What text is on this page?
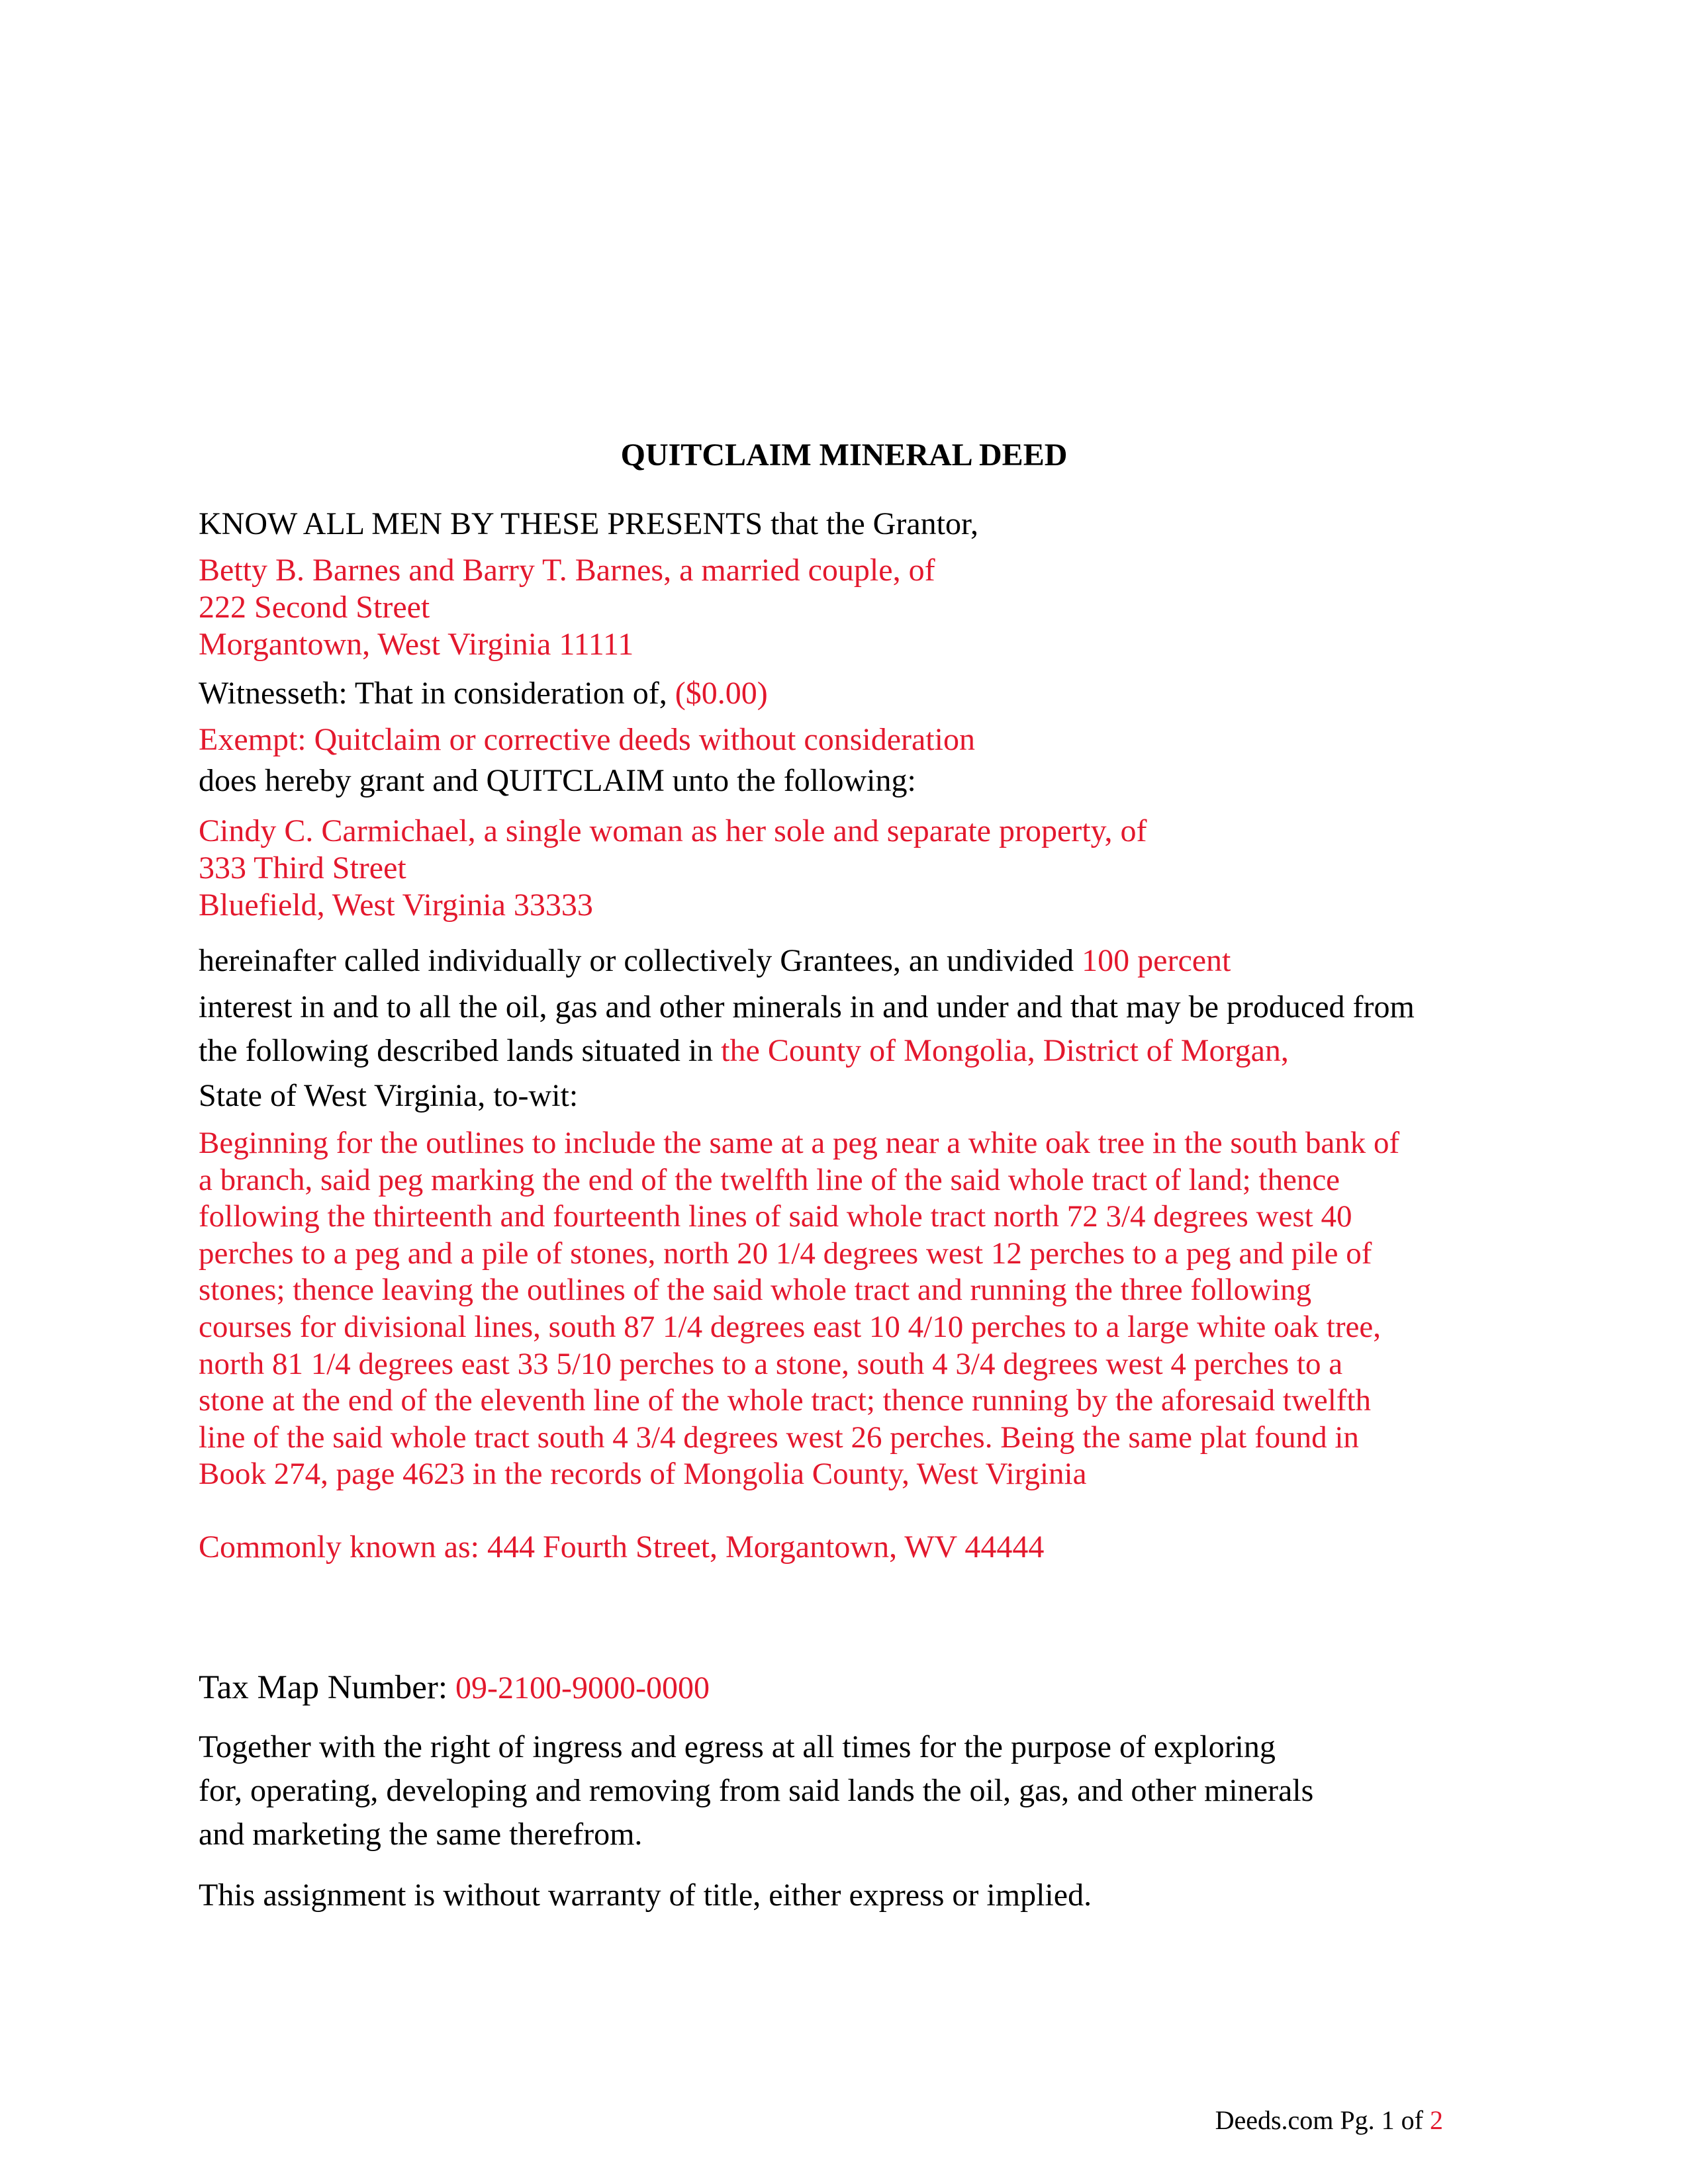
QUITCLAIM MINERAL DEED
KNOW ALL MEN BY THESE PRESENTS that the Grantor,
Betty B. Barnes and Barry T. Barnes, a married couple, of
222 Second Street
Morgantown, West Virginia 11111
Witnesseth: That in consideration of, ($0.00)
Exempt: Quitclaim or corrective deeds without consideration
does hereby grant and QUITCLAIM unto the following:
Cindy C. Carmichael, a single woman as her sole and separate property, of
333 Third Street
Bluefield, West Virginia 33333
hereinafter called individually or collectively Grantees, an undivided 100 percent
interest in and to all the oil, gas and other minerals in and under and that may be produced from
the following described lands situated in the County of Mongolia, District of Morgan,
State of West Virginia, to-wit:
Beginning for the outlines to include the same at a peg near a white oak tree in the south bank of
a branch, said peg marking the end of the twelfth line of the said whole tract of land; thence
following the thirteenth and fourteenth lines of said whole tract north 72 3/4 degrees west 40
perches to a peg and a pile of stones, north 20 1/4 degrees west 12 perches to a peg and pile of
stones; thence leaving the outlines of the said whole tract and running the three following
courses for divisional lines, south 87 1/4 degrees east 10 4/10 perches to a large white oak tree,
north 81 1/4 degrees east 33 5/10 perches to a stone, south 4 3/4 degrees west 4 perches to a
stone at the end of the eleventh line of the whole tract; thence running by the aforesaid twelfth
line of the said whole tract south 4 3/4 degrees west 26 perches. Being the same plat found in
Book 274, page 4623 in the records of Mongolia County, West Virginia
Commonly known as: 444 Fourth Street, Morgantown, WV 44444
Tax Map Number: 09-2100-9000-0000
Together with the right of ingress and egress at all times for the purpose of exploring
for, operating, developing and removing from said lands the oil, gas, and other minerals
and marketing the same therefrom.
This assignment is without warranty of title, either express or implied.
Deeds.com Pg. 1 of 2
